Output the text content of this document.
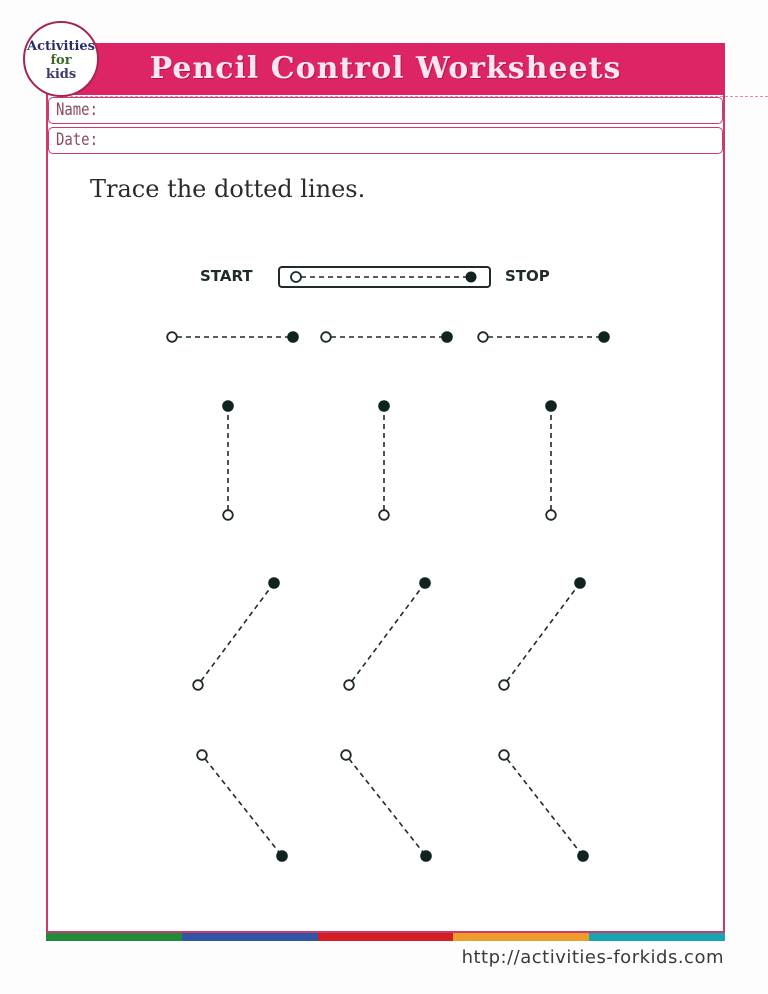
Pencil Control Worksheets
Activities
for
kids
Name:
Date:
Trace the dotted lines.
START	STOP
http://activities-forkids.com
